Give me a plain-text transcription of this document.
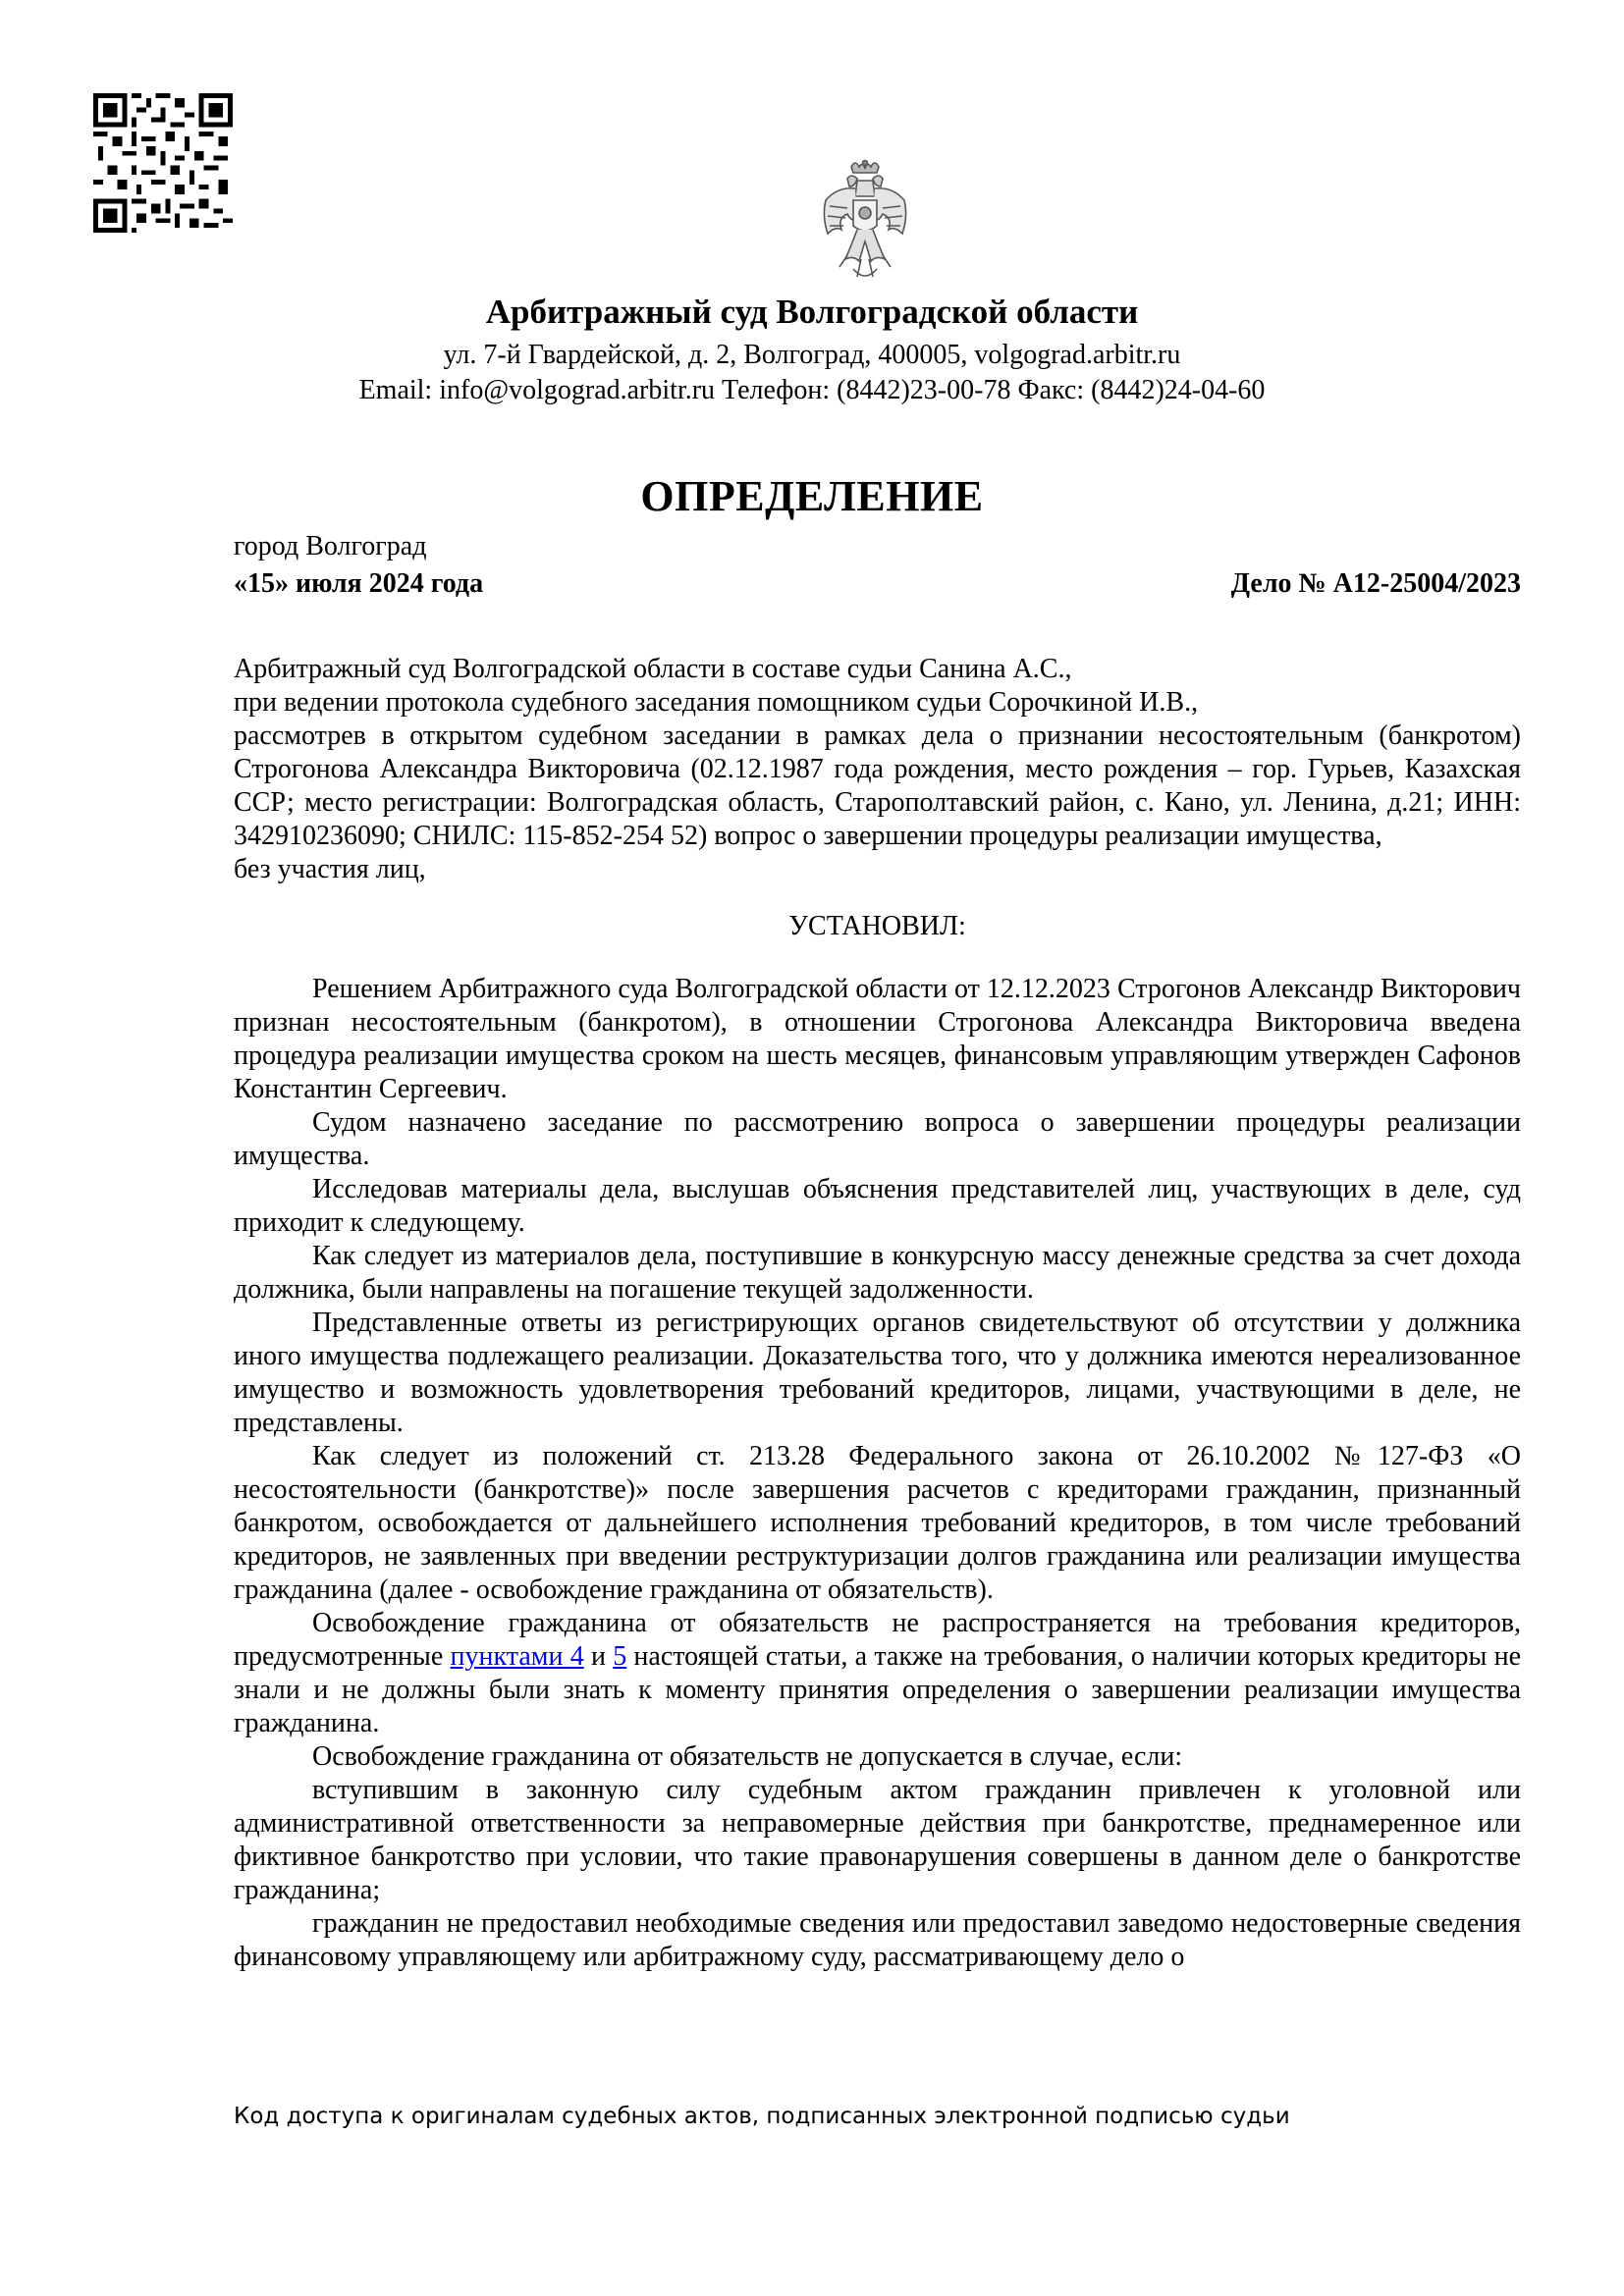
Арбитражный суд Волгоградской области
ул. 7-й Гвардейской, д. 2, Волгоград, 400005, volgograd.arbitr.ru
Email: info@volgograd.arbitr.ru Телефон: (8442)23-00-78 Факс: (8442)24-04-60
ОПРЕДЕЛЕНИЕ
город Волгоград
«15» июля 2024 года	Дело № А12-25004/2023

Арбитражный суд Волгоградской области в составе судьи Санина А.С.,

при ведении протокола судебного заседания помощником судьи Сорочкиной И.В.,

рассмотрев в открытом судебном заседании в рамках дела о признании несостоятельным (банкротом) Строгонова Александра Викторовича (02.12.1987 года рождения, место рождения – гор. Гурьев, Казахская ССР; место регистрации: Волгоградская область, Старополтавский район, с. Кано, ул. Ленина, д.21; ИНН: 342910236090; СНИЛС: 115-852-254 52) вопрос о завершении процедуры реализации имущества,

без участия лиц,

УСТАНОВИЛ:

Решением Арбитражного суда Волгоградской области от 12.12.2023 Строгонов Александр Викторович признан несостоятельным (банкротом), в отношении Строгонова Александра Викторовича введена процедура реализации имущества сроком на шесть месяцев, финансовым управляющим утвержден Сафонов Константин Сергеевич.

Судом назначено заседание по рассмотрению вопроса о завершении процедуры реализации имущества.

Исследовав материалы дела, выслушав объяснения представителей лиц, участвующих в деле, суд приходит к следующему.

Как следует из материалов дела, поступившие в конкурсную массу денежные средства за счет дохода должника, были направлены на погашение текущей задолженности.

Представленные ответы из регистрирующих органов свидетельствуют об отсутствии у должника иного имущества подлежащего реализации. Доказательства того, что у должника имеются нереализованное имущество и возможность удовлетворения требований кредиторов, лицами, участвующими в деле, не представлены.

Как следует из положений ст. 213.28 Федерального закона от 26.10.2002 №127-ФЗ «О несостоятельности (банкротстве)» после завершения расчетов с кредиторами гражданин, признанный банкротом, освобождается от дальнейшего исполнения требований кредиторов, в том числе требований кредиторов, не заявленных при введении реструктуризации долгов гражданина или реализации имущества гражданина (далее - освобождение гражданина от обязательств).

Освобождение гражданина от обязательств не распространяется на требования кредиторов, предусмотренные пунктами 4 и 5 настоящей статьи, а также на требования, о наличии которых кредиторы не знали и не должны были знать к моменту принятия определения о завершении реализации имущества гражданина.

Освобождение гражданина от обязательств не допускается в случае, если:

вступившим в законную силу судебным актом гражданин привлечен к уголовной или административной ответственности за неправомерные действия при банкротстве, преднамеренное или фиктивное банкротство при условии, что такие правонарушения совершены в данном деле о банкротстве гражданина;

гражданин не предоставил необходимые сведения или предоставил заведомо недостоверные сведения финансовому управляющему или арбитражному суду, рассматривающему дело о

Код доступа к оригиналам судебных актов, подписанных электронной подписью судьи
